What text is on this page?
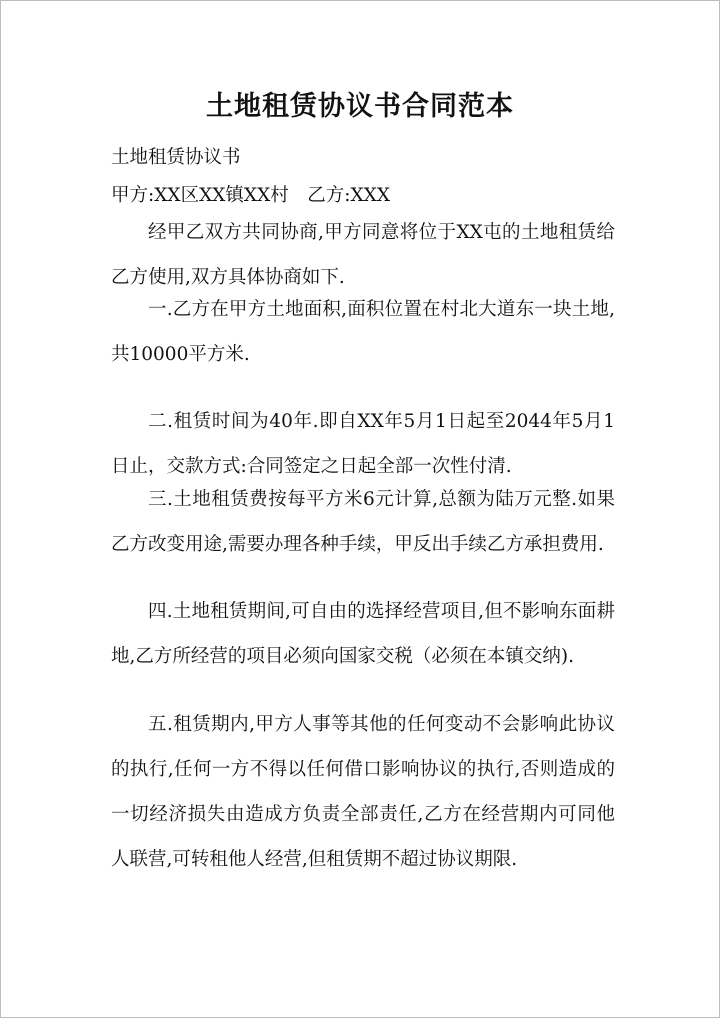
土地租赁协议书合同范本
土地租赁协议书
甲方:XX区XX镇XX村　乙方:XXX
经甲乙双方共同协商,甲方同意将位于XX屯的土地租赁给乙方使用,双方具体协商如下.
一.乙方在甲方土地面积,面积位置在村北大道东一块土地,共10000平方米.
二.租赁时间为40年.即自XX年5月1日起至2044年5月1日止，交款方式:合同签定之日起全部一次性付清.
三.土地租赁费按每平方米6元计算,总额为陆万元整.如果乙方改变用途,需要办理各种手续，甲反出手续乙方承担费用.
四.土地租赁期间,可自由的选择经营项目,但不影响东面耕地,乙方所经营的项目必须向国家交税（必须在本镇交纳).
五.租赁期内,甲方人事等其他的任何变动不会影响此协议的执行,任何一方不得以任何借口影响协议的执行,否则造成的一切经济损失由造成方负责全部责任,乙方在经营期内可同他人联营,可转租他人经营,但租赁期不超过协议期限.
